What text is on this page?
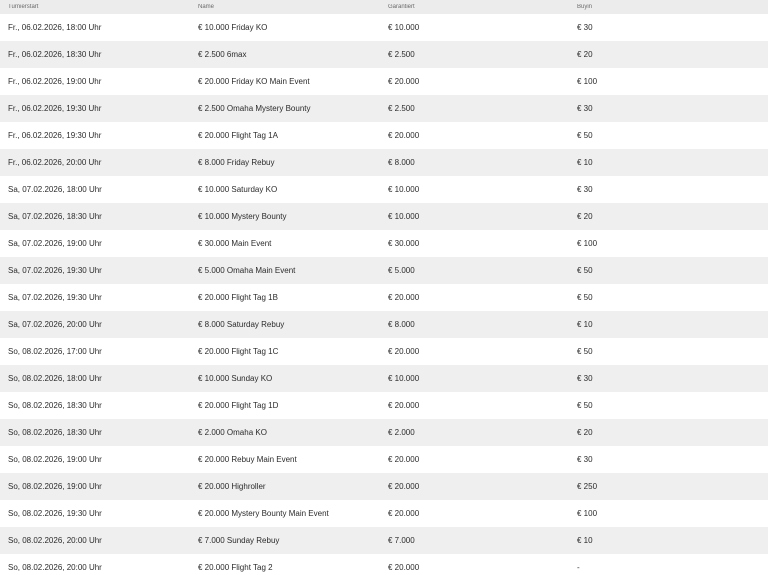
Turnierstart	Name	Garantiert	Buyin
Fr., 06.02.2026, 18:00 Uhr	€ 10.000 Friday KO	€ 10.000	€ 30
Fr., 06.02.2026, 18:30 Uhr	€ 2.500 6max	€ 2.500	€ 20
Fr., 06.02.2026, 19:00 Uhr	€ 20.000 Friday KO Main Event	€ 20.000	€ 100
Fr., 06.02.2026, 19:30 Uhr	€ 2.500 Omaha Mystery Bounty	€ 2.500	€ 30
Fr., 06.02.2026, 19:30 Uhr	€ 20.000 Flight Tag 1A	€ 20.000	€ 50
Fr., 06.02.2026, 20:00 Uhr	€ 8.000 Friday Rebuy	€ 8.000	€ 10
Sa, 07.02.2026, 18:00 Uhr	€ 10.000 Saturday KO	€ 10.000	€ 30
Sa, 07.02.2026, 18:30 Uhr	€ 10.000 Mystery Bounty	€ 10.000	€ 20
Sa, 07.02.2026, 19:00 Uhr	€ 30.000 Main Event	€ 30.000	€ 100
Sa, 07.02.2026, 19:30 Uhr	€ 5.000 Omaha Main Event	€ 5.000	€ 50
Sa, 07.02.2026, 19:30 Uhr	€ 20.000 Flight Tag 1B	€ 20.000	€ 50
Sa, 07.02.2026, 20:00 Uhr	€ 8.000 Saturday Rebuy	€ 8.000	€ 10
So, 08.02.2026, 17:00 Uhr	€ 20.000 Flight Tag 1C	€ 20.000	€ 50
So, 08.02.2026, 18:00 Uhr	€ 10.000 Sunday KO	€ 10.000	€ 30
So, 08.02.2026, 18:30 Uhr	€ 20.000 Flight Tag 1D	€ 20.000	€ 50
So, 08.02.2026, 18:30 Uhr	€ 2.000 Omaha KO	€ 2.000	€ 20
So, 08.02.2026, 19:00 Uhr	€ 20.000 Rebuy Main Event	€ 20.000	€ 30
So, 08.02.2026, 19:00 Uhr	€ 20.000 Highroller	€ 20.000	€ 250
So, 08.02.2026, 19:30 Uhr	€ 20.000 Mystery Bounty Main Event	€ 20.000	€ 100
So, 08.02.2026, 20:00 Uhr	€ 7.000 Sunday Rebuy	€ 7.000	€ 10
So, 08.02.2026, 20:00 Uhr	€ 20.000 Flight Tag 2	€ 20.000	-
